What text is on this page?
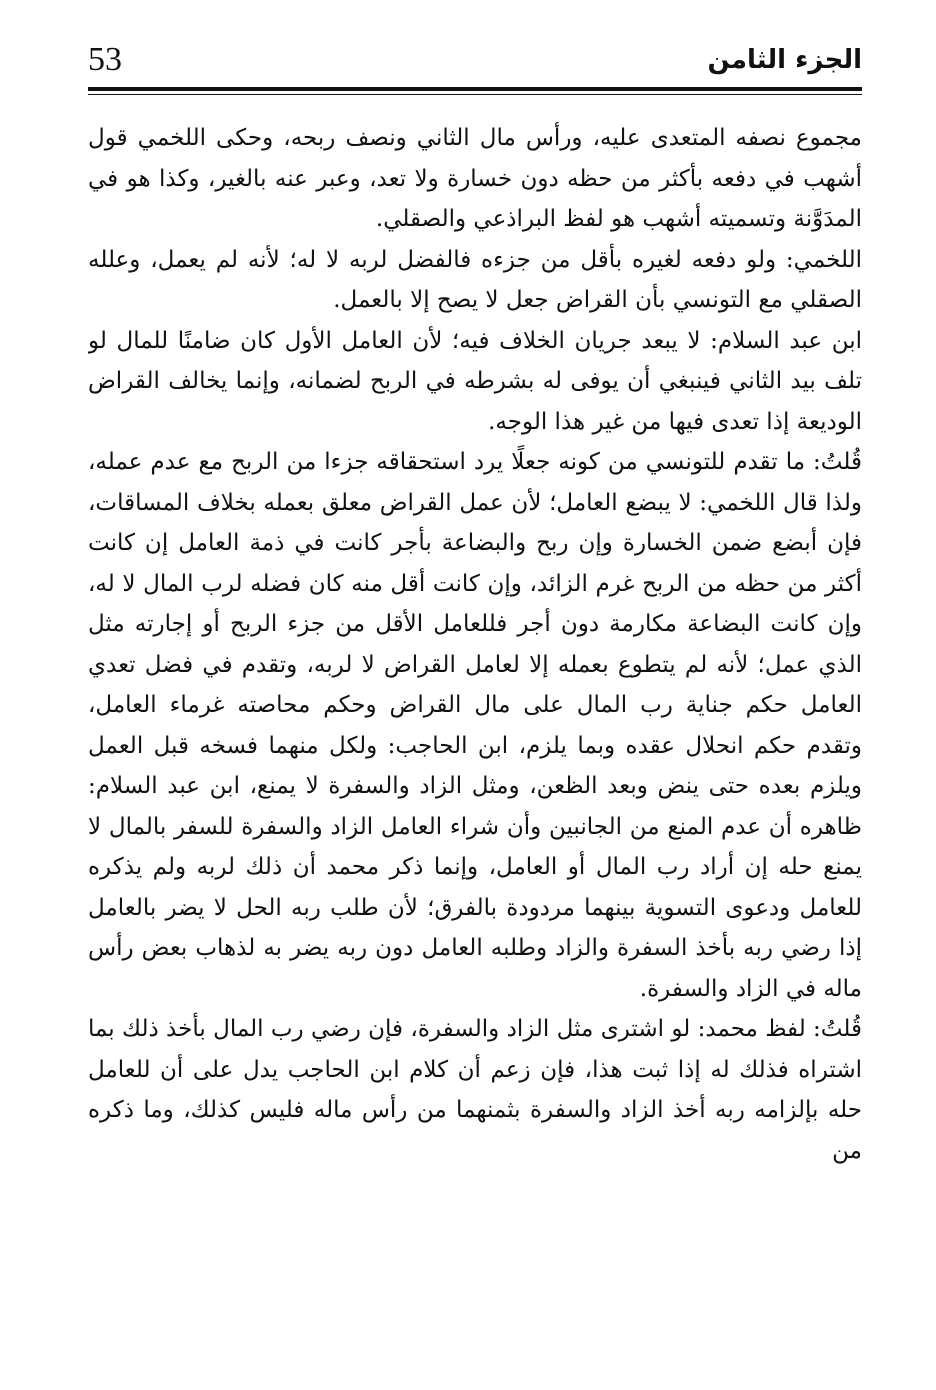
53	الجزء الثامن

مجموع نصفه المتعدى عليه، ورأس مال الثاني ونصف ربحه، وحكى اللخمي قول أشهب في دفعه بأكثر من حظه دون خسارة ولا تعد، وعبر عنه بالغير، وكذا هو في المدَوَّنة وتسميته أشهب هو لفظ البراذعي والصقلي.

اللخمي: ولو دفعه لغيره بأقل من جزءه فالفضل لربه لا له؛ لأنه لم يعمل، وعلله الصقلي مع التونسي بأن القراض جعل لا يصح إلا بالعمل.

ابن عبد السلام: لا يبعد جريان الخلاف فيه؛ لأن العامل الأول كان ضامنًا للمال لو تلف بيد الثاني فينبغي أن يوفى له بشرطه في الربح لضمانه، وإنما يخالف القراض الوديعة إذا تعدى فيها من غير هذا الوجه.

قُلتُ: ما تقدم للتونسي من كونه جعلًا يرد استحقاقه جزءا من الربح مع عدم عمله، ولذا قال اللخمي: لا يبضع العامل؛ لأن عمل القراض معلق بعمله بخلاف المساقات، فإن أبضع ضمن الخسارة وإن ربح والبضاعة بأجر كانت في ذمة العامل إن كانت أكثر من حظه من الربح غرم الزائد، وإن كانت أقل منه كان فضله لرب المال لا له، وإن كانت البضاعة مكارمة دون أجر فللعامل الأقل من جزء الربح أو إجارته مثل الذي عمل؛ لأنه لم يتطوع بعمله إلا لعامل القراض لا لربه، وتقدم في فضل تعدي العامل حكم جناية رب المال على مال القراض وحكم محاصته غرماء العامل، وتقدم حكم انحلال عقده وبما يلزم، ابن الحاجب: ولكل منهما فسخه قبل العمل ويلزم بعده حتى ينض وبعد الظعن، ومثل الزاد والسفرة لا يمنع، ابن عبد السلام: ظاهره أن عدم المنع من الجانبين وأن شراء العامل الزاد والسفرة للسفر بالمال لا يمنع حله إن أراد رب المال أو العامل، وإنما ذكر محمد أن ذلك لربه ولم يذكره للعامل ودعوى التسوية بينهما مردودة بالفرق؛ لأن طلب ربه الحل لا يضر بالعامل إذا رضي ربه بأخذ السفرة والزاد وطلبه العامل دون ربه يضر به لذهاب بعض رأس ماله في الزاد والسفرة.

قُلتُ: لفظ محمد: لو اشترى مثل الزاد والسفرة، فإن رضي رب المال بأخذ ذلك بما اشتراه فذلك له إذا ثبت هذا، فإن زعم أن كلام ابن الحاجب يدل على أن للعامل حله بإلزامه ربه أخذ الزاد والسفرة بثمنهما من رأس ماله فليس كذلك، وما ذكره من
